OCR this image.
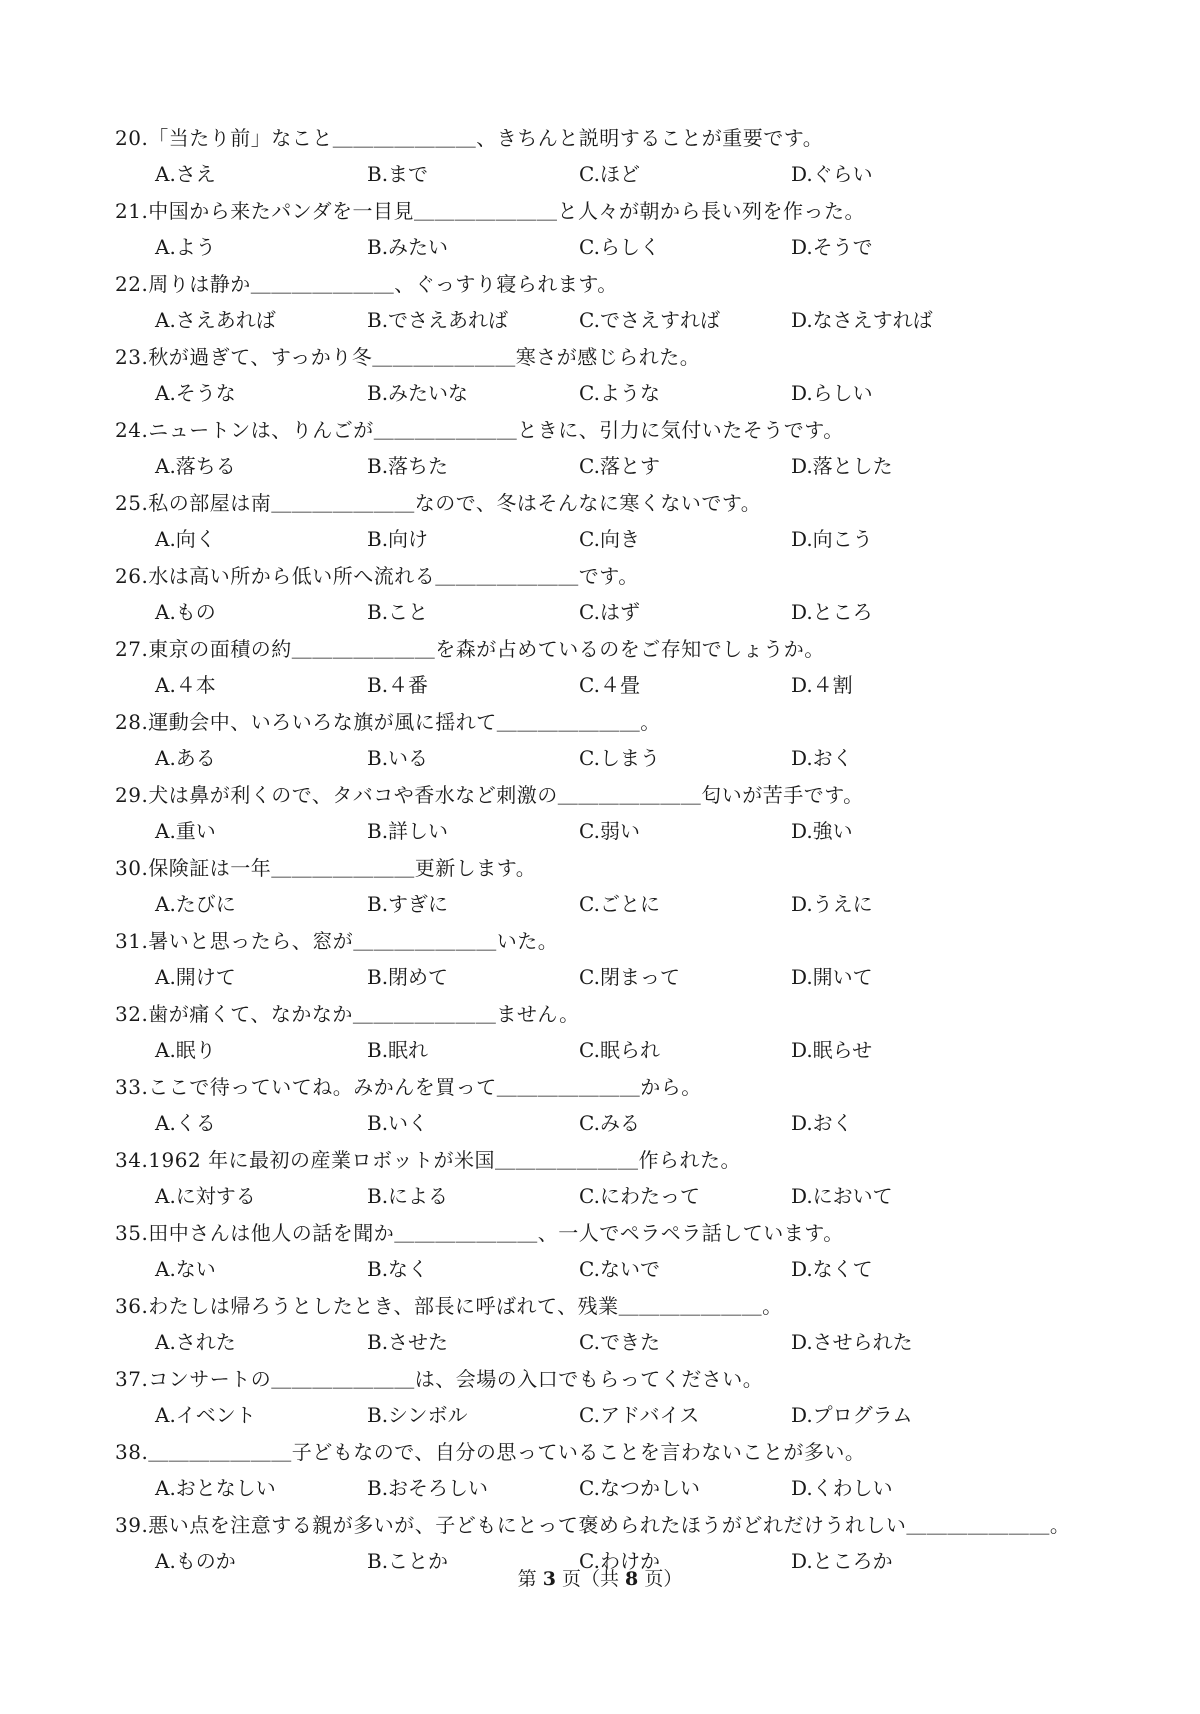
20.「当たり前」なこと＿＿＿＿＿＿＿、きちんと説明することが重要です。
A.さえ	B.まで	C.ほど	D.ぐらい
21.中国から来たパンダを一目見＿＿＿＿＿＿＿と人々が朝から長い列を作った。
A.よう	B.みたい	C.らしく	D.そうで
22.周りは静か＿＿＿＿＿＿＿、ぐっすり寝られます。
A.さえあれば	B.でさえあれば	C.でさえすれば	D.なさえすれば
23.秋が過ぎて、すっかり冬＿＿＿＿＿＿＿寒さが感じられた。
A.そうな	B.みたいな	C.ような	D.らしい
24.ニュートンは、りんごが＿＿＿＿＿＿＿ときに、引力に気付いたそうです。
A.落ちる	B.落ちた	C.落とす	D.落とした
25.私の部屋は南＿＿＿＿＿＿＿なので、冬はそんなに寒くないです。
A.向く	B.向け	C.向き	D.向こう
26.水は高い所から低い所へ流れる＿＿＿＿＿＿＿です。
A.もの	B.こと	C.はず	D.ところ
27.東京の面積の約＿＿＿＿＿＿＿を森が占めているのをご存知でしょうか。
A.４本	B.４番	C.４畳	D.４割
28.運動会中、いろいろな旗が風に揺れて＿＿＿＿＿＿＿。
A.ある	B.いる	C.しまう	D.おく
29.犬は鼻が利くので、タバコや香水など刺激の＿＿＿＿＿＿＿匂いが苦手です。
A.重い	B.詳しい	C.弱い	D.強い
30.保険証は一年＿＿＿＿＿＿＿更新します。
A.たびに	B.すぎに	C.ごとに	D.うえに
31.暑いと思ったら、窓が＿＿＿＿＿＿＿いた。
A.開けて	B.閉めて	C.閉まって	D.開いて
32.歯が痛くて、なかなか＿＿＿＿＿＿＿ません。
A.眠り	B.眠れ	C.眠られ	D.眠らせ
33.ここで待っていてね。みかんを買って＿＿＿＿＿＿＿から。
A.くる	B.いく	C.みる	D.おく
34.1962 年に最初の産業ロボットが米国＿＿＿＿＿＿＿作られた。
A.に対する	B.による	C.にわたって	D.において
35.田中さんは他人の話を聞か＿＿＿＿＿＿＿、一人でペラペラ話しています。
A.ない	B.なく	C.ないで	D.なくて
36.わたしは帰ろうとしたとき、部長に呼ばれて、残業＿＿＿＿＿＿＿。
A.された	B.させた	C.できた	D.させられた
37.コンサートの＿＿＿＿＿＿＿は、会場の入口でもらってください。
A.イベント	B.シンボル	C.アドバイス	D.プログラム
38.＿＿＿＿＿＿＿子どもなので、自分の思っていることを言わないことが多い。
A.おとなしい	B.おそろしい	C.なつかしい	D.くわしい
39.悪い点を注意する親が多いが、子どもにとって褒められたほうがどれだけうれしい＿＿＿＿＿＿＿。
A.ものか	B.ことか	C.わけか	D.ところか
第 3 页（共 8 页）
